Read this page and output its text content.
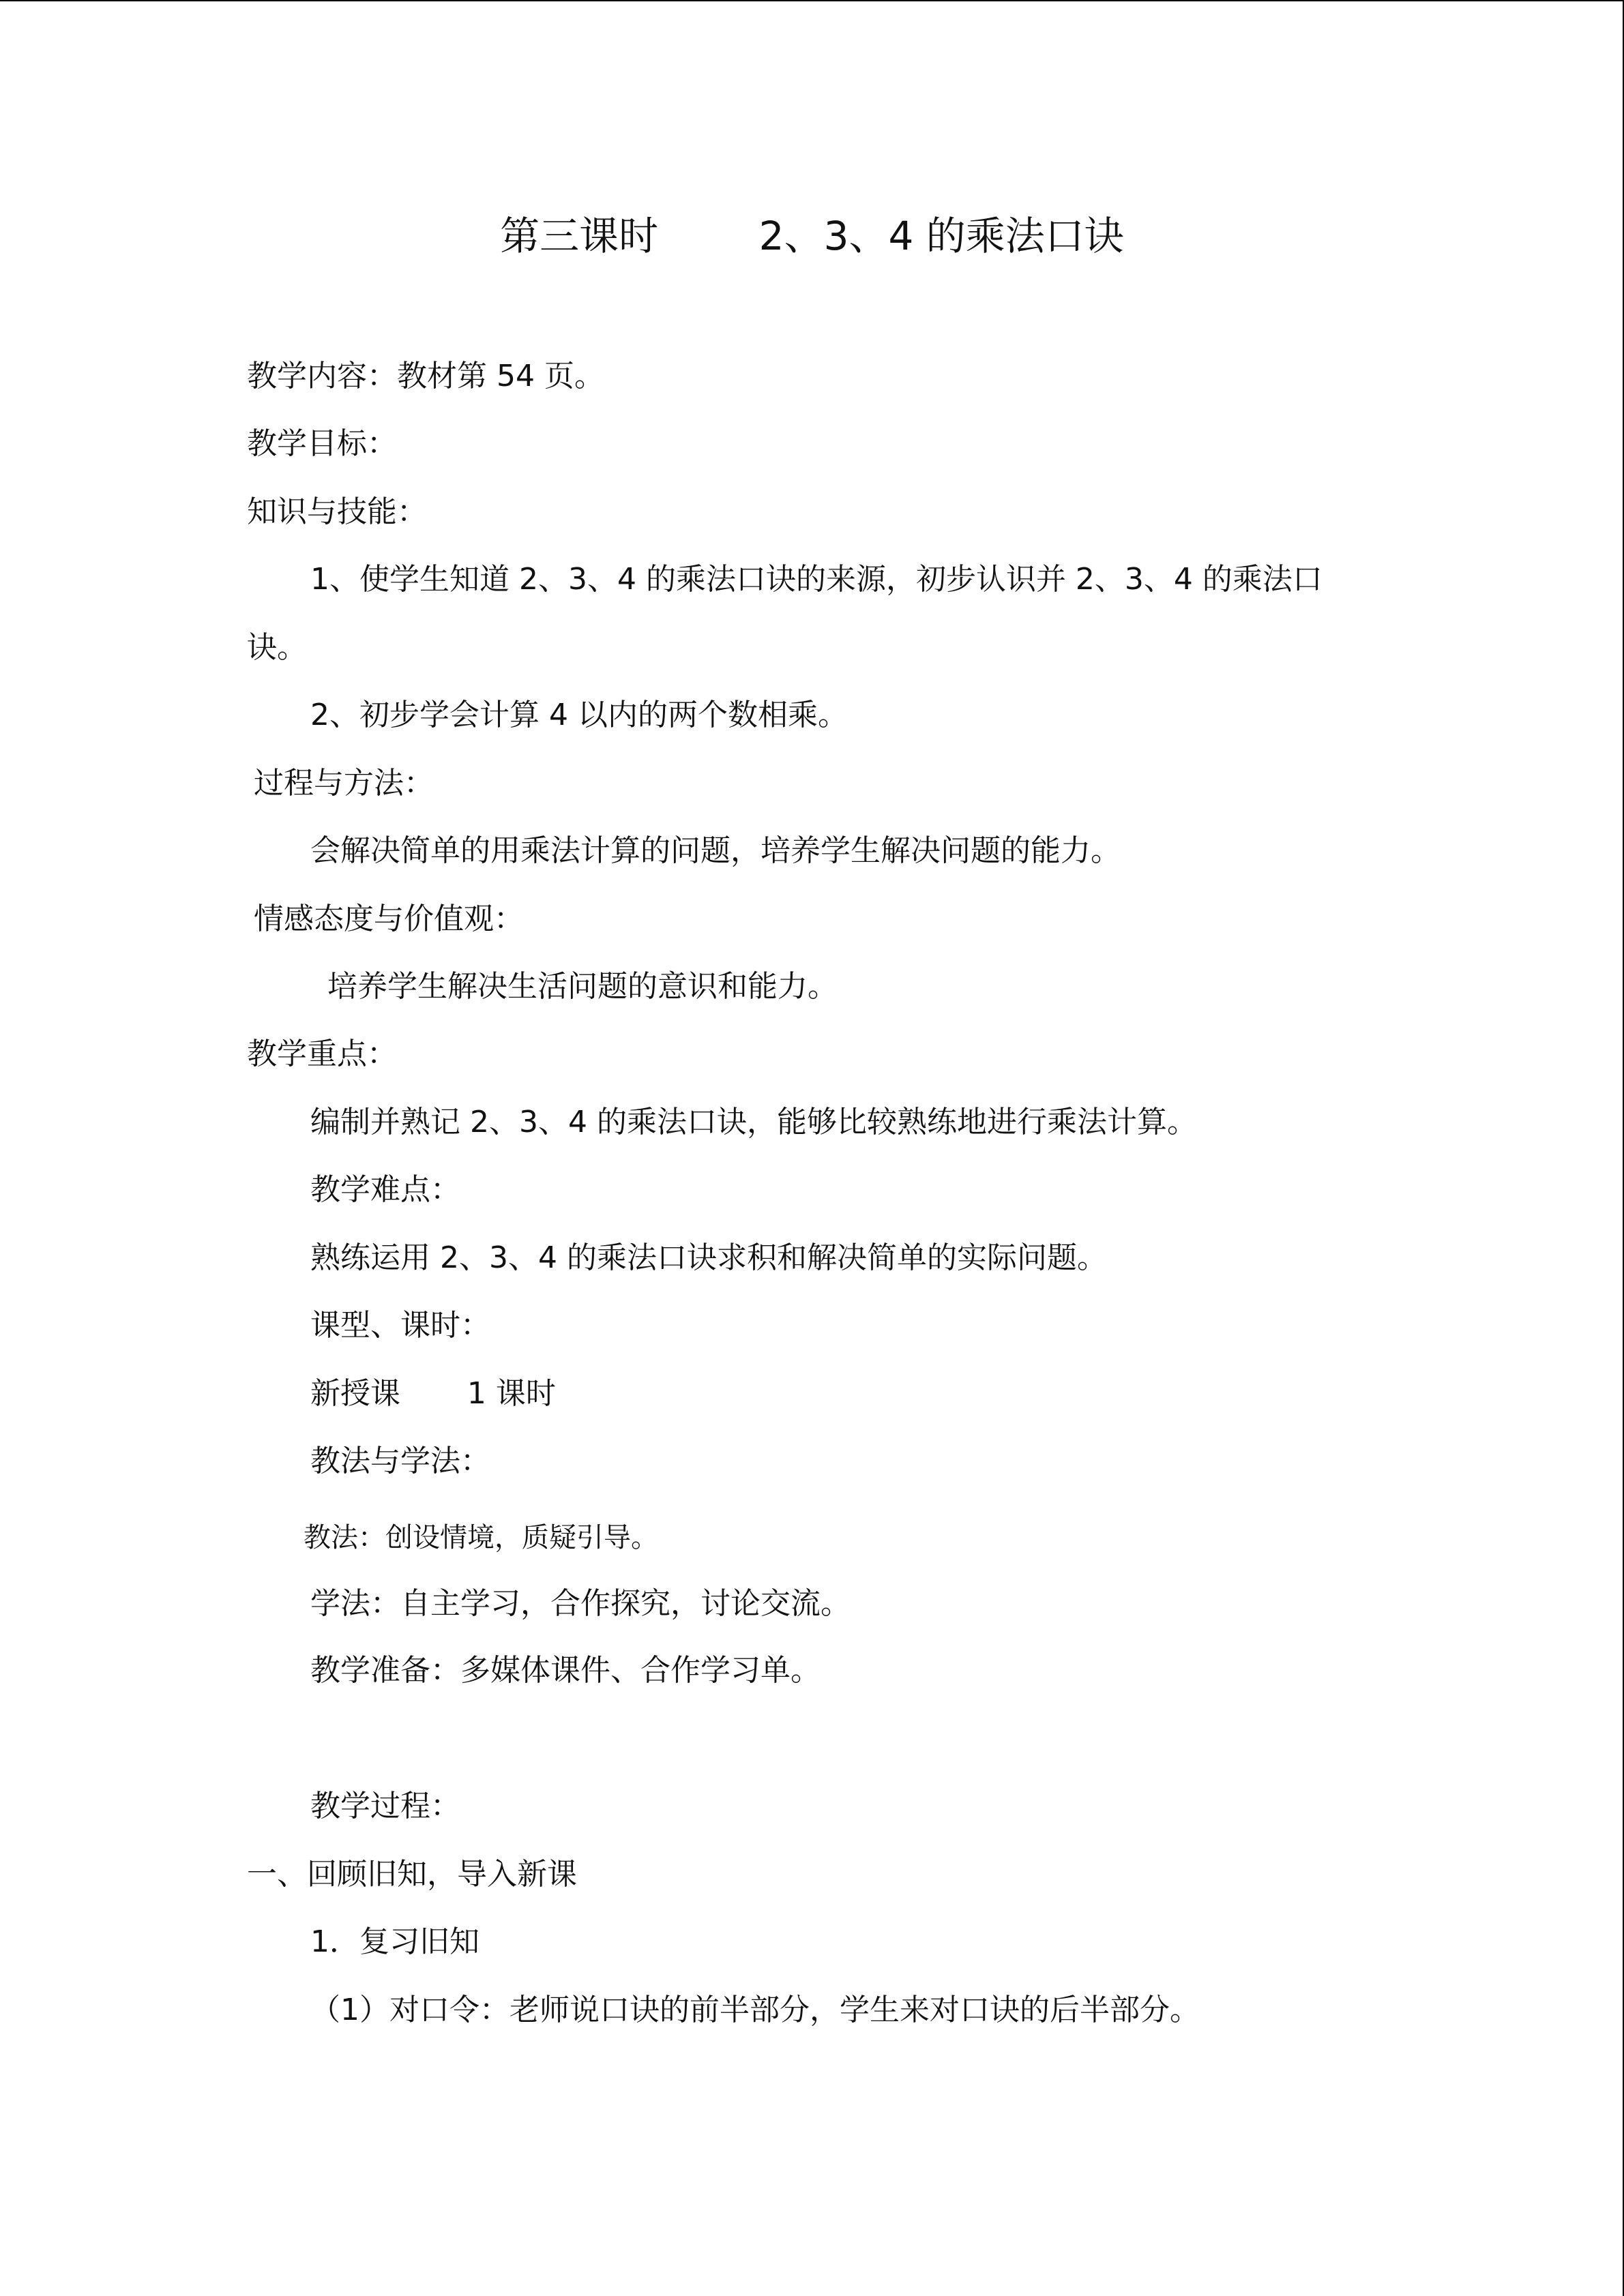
第三课时        2、3、4 的乘法口诀
教学内容：教材第 54 页。
教学目标：
知识与技能：
1、使学生知道 2、3、4 的乘法口诀的来源，初步认识并 2、3、4 的乘法口
诀。
2、初步学会计算 4 以内的两个数相乘。
过程与方法：
会解决简单的用乘法计算的问题，培养学生解决问题的能力。
情感态度与价值观：
培养学生解决生活问题的意识和能力。
教学重点：
编制并熟记 2、3、4 的乘法口诀，能够比较熟练地进行乘法计算。
教学难点：
熟练运用 2、3、4 的乘法口诀求积和解决简单的实际问题。
课型、课时：
新授课       1 课时
教法与学法：
教法：创设情境，质疑引导。
学法：自主学习，合作探究，讨论交流。
教学准备：多媒体课件、合作学习单。
教学过程：
一、回顾旧知，导入新课
1．复习旧知
（1）对口令：老师说口诀的前半部分，学生来对口诀的后半部分。
